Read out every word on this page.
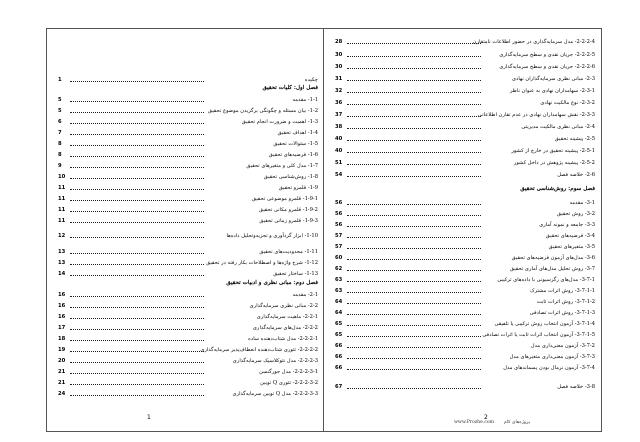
1	چکیده
فصل اول: کلیات تحقیق
5	1-1- مقدمه
5	1-2- بیان مسئله و چگونگی برگزیدن موضوع تحقیق
6	1-3- اهمیت و ضرورت انجام تحقیق
7	1-4- اهداف تحقیق
8	1-5- سئوالات تحقیق
8	1-6- فرضیه‌های تحقیق
9	1-7- مدل کلی و متغیرهای تحقیق
10	1-8- روش‌شناسی تحقیق
11	1-9- قلمرو تحقیق
11	1-9-1- قلمرو موضوعی تحقیق
11	1-9-2- قلمرو مکانی تحقیق
11	1-9-3- قلمرو زمانی تحقیق
12	1-10- ابزار گردآوری و تجزیه‌وتحلیل داده‌ها
13	1-11- محدودیت‌های تحقیق
13	1-12- شرح واژه‌ها و اصطلاحات بکار رفته در تحقیق
14	1-13- ساختار تحقیق
فصل دوم: مبانی نظری و ادبیات تحقیق
16	2-1- مقدمه
16	2-2- مبانی نظری سرمایه‌گذاری
16	2-2-1- ماهیت سرمایه‌گذاری
17	2-2-2- مدل‌های سرمایه‌گذاری
18	2-2-2-1- مدل شتاب‌دهنده ساده
19	2-2-2-2- تئوری شتاب‌دهنده انعطاف‌پذیر سرمایه‌گذاری
20	2-2-2-3- مدل نئوکلاسیک سرمایه‌گذاری
21	2-2-2-3-1- مدل جورگنسن
21	2-2-2-3-2- تئوری Q توبین
24	2-2-2-3-3- مدل Q توبین سرمایه‌گذاری
1
28	2-2-2-4- مدل سرمایه‌گذاری در حضور اطلاعات نامتقارن
30	2-2-2-5- جریان نقدی و سطح سرمایه‌گذاری
30	2-2-2-6- جریان نقدی و سطح سرمایه‌گذاری
31	2-3- مبانی نظری سرمایه‌گذاران نهادی
32	2-3-1- سهامداران نهادی به عنوان ناظر
36	2-3-2- نوع مالکیت نهادی
37	2-3-3- نقش سهامداران نهادی در عدم تقارن اطلاعاتی
38	2-4- مبانی نظری مالکیت مدیریتی
40	2-5- پیشینه تحقیق
40	2-5-1- پیشینه تحقیق در خارج از کشور
51	2-5-2- پیشینه پژوهش در داخل کشور
54	2-6- خلاصه فصل
فصل سوم: روش‌شناسی تحقیق
56	3-1- مقدمه
56	3-2- روش تحقیق
56	3-3- جامعه و نمونه آماری
57	3-4- فرضیه‌های تحقیق
57	3-5- متغیرهای تحقیق
60	3-6- مدل‌های آزمون فرضیه‌های تحقیق
62	3-7- روش تحلیل مدل‌های آماری تحقیق
63	3-7-1- مدل‌های رگرسیونی با داده‌های ترکیبی
63	3-7-1-1- روش اثرات مشترک
64	3-7-1-2- روش اثرات ثابت
64	3-7-1-3- روش اثرات تصادفی
65	3-7-1-4- آزمون انتخاب روش ترکیبی یا تلفیقی
65	3-7-1-5- آزمون انتخاب اثرات ثابت یا اثرات تصادفی
66	3-7-2- آزمون معنی‌داری مدل
66	3-7-3- آزمون معنی‌داری متغیرهای مدل
66	3-7-4- آزمون نرمال بودن پسماندهای مدل
67	3-8- خلاصه فصل
2
www.Prozhe.com پروژه‌های کام
